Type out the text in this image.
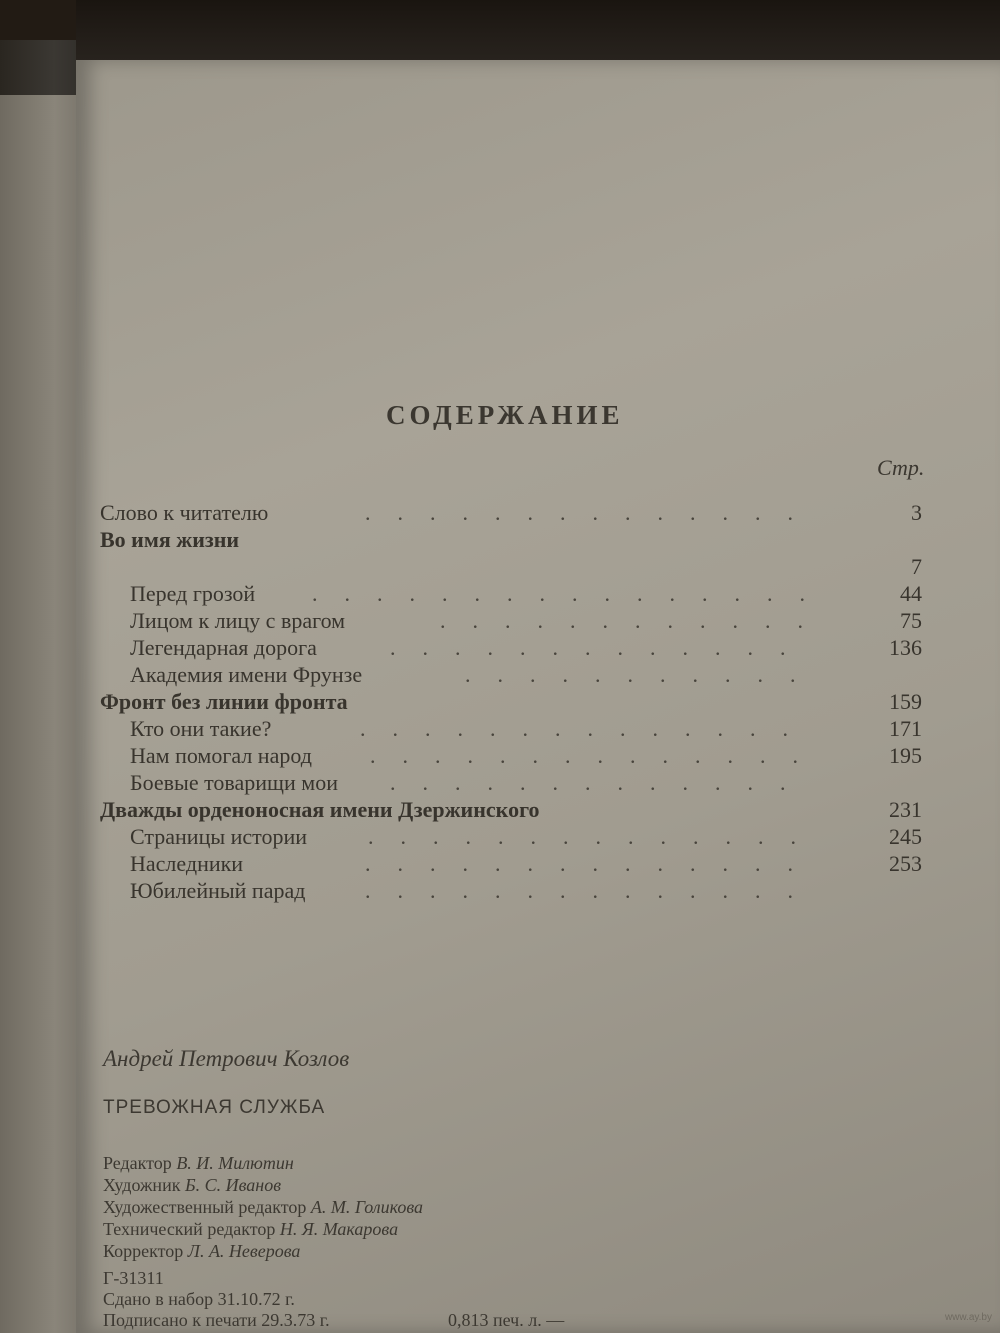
СОДЕРЖАНИЕ
Стр.
Слово к читателю	..............	3
Во имя жизни
7
Перед грозой	................	44
Лицом к лицу с врагом	............	75
Легендарная дорога	.............	136
Академия имени Фрунзе	...........
Фронт без линии фронта	159
Кто они такие?	..............	171
Нам помогал народ	..............	195
Боевые товарищи мои .............
Дважды орденоносная имени Дзержинского	231
Страницы истории	..............	245
Наследники	..............	253
Юбилейный парад	..............
Андрей Петрович Козлов
ТРЕВОЖНАЯ СЛУЖБА
Редактор В. И. Милютин
Художник Б. С. Иванов
Художественный редактор А. М. Голикова
Технический редактор Н. Я. Макарова
Корректор Л. А. Неверова
Г-31311
Сдано в набор 31.10.72 г.
Подписано к печати 29.3.73 г.	0,813 печ. л. —	www.ay.by
